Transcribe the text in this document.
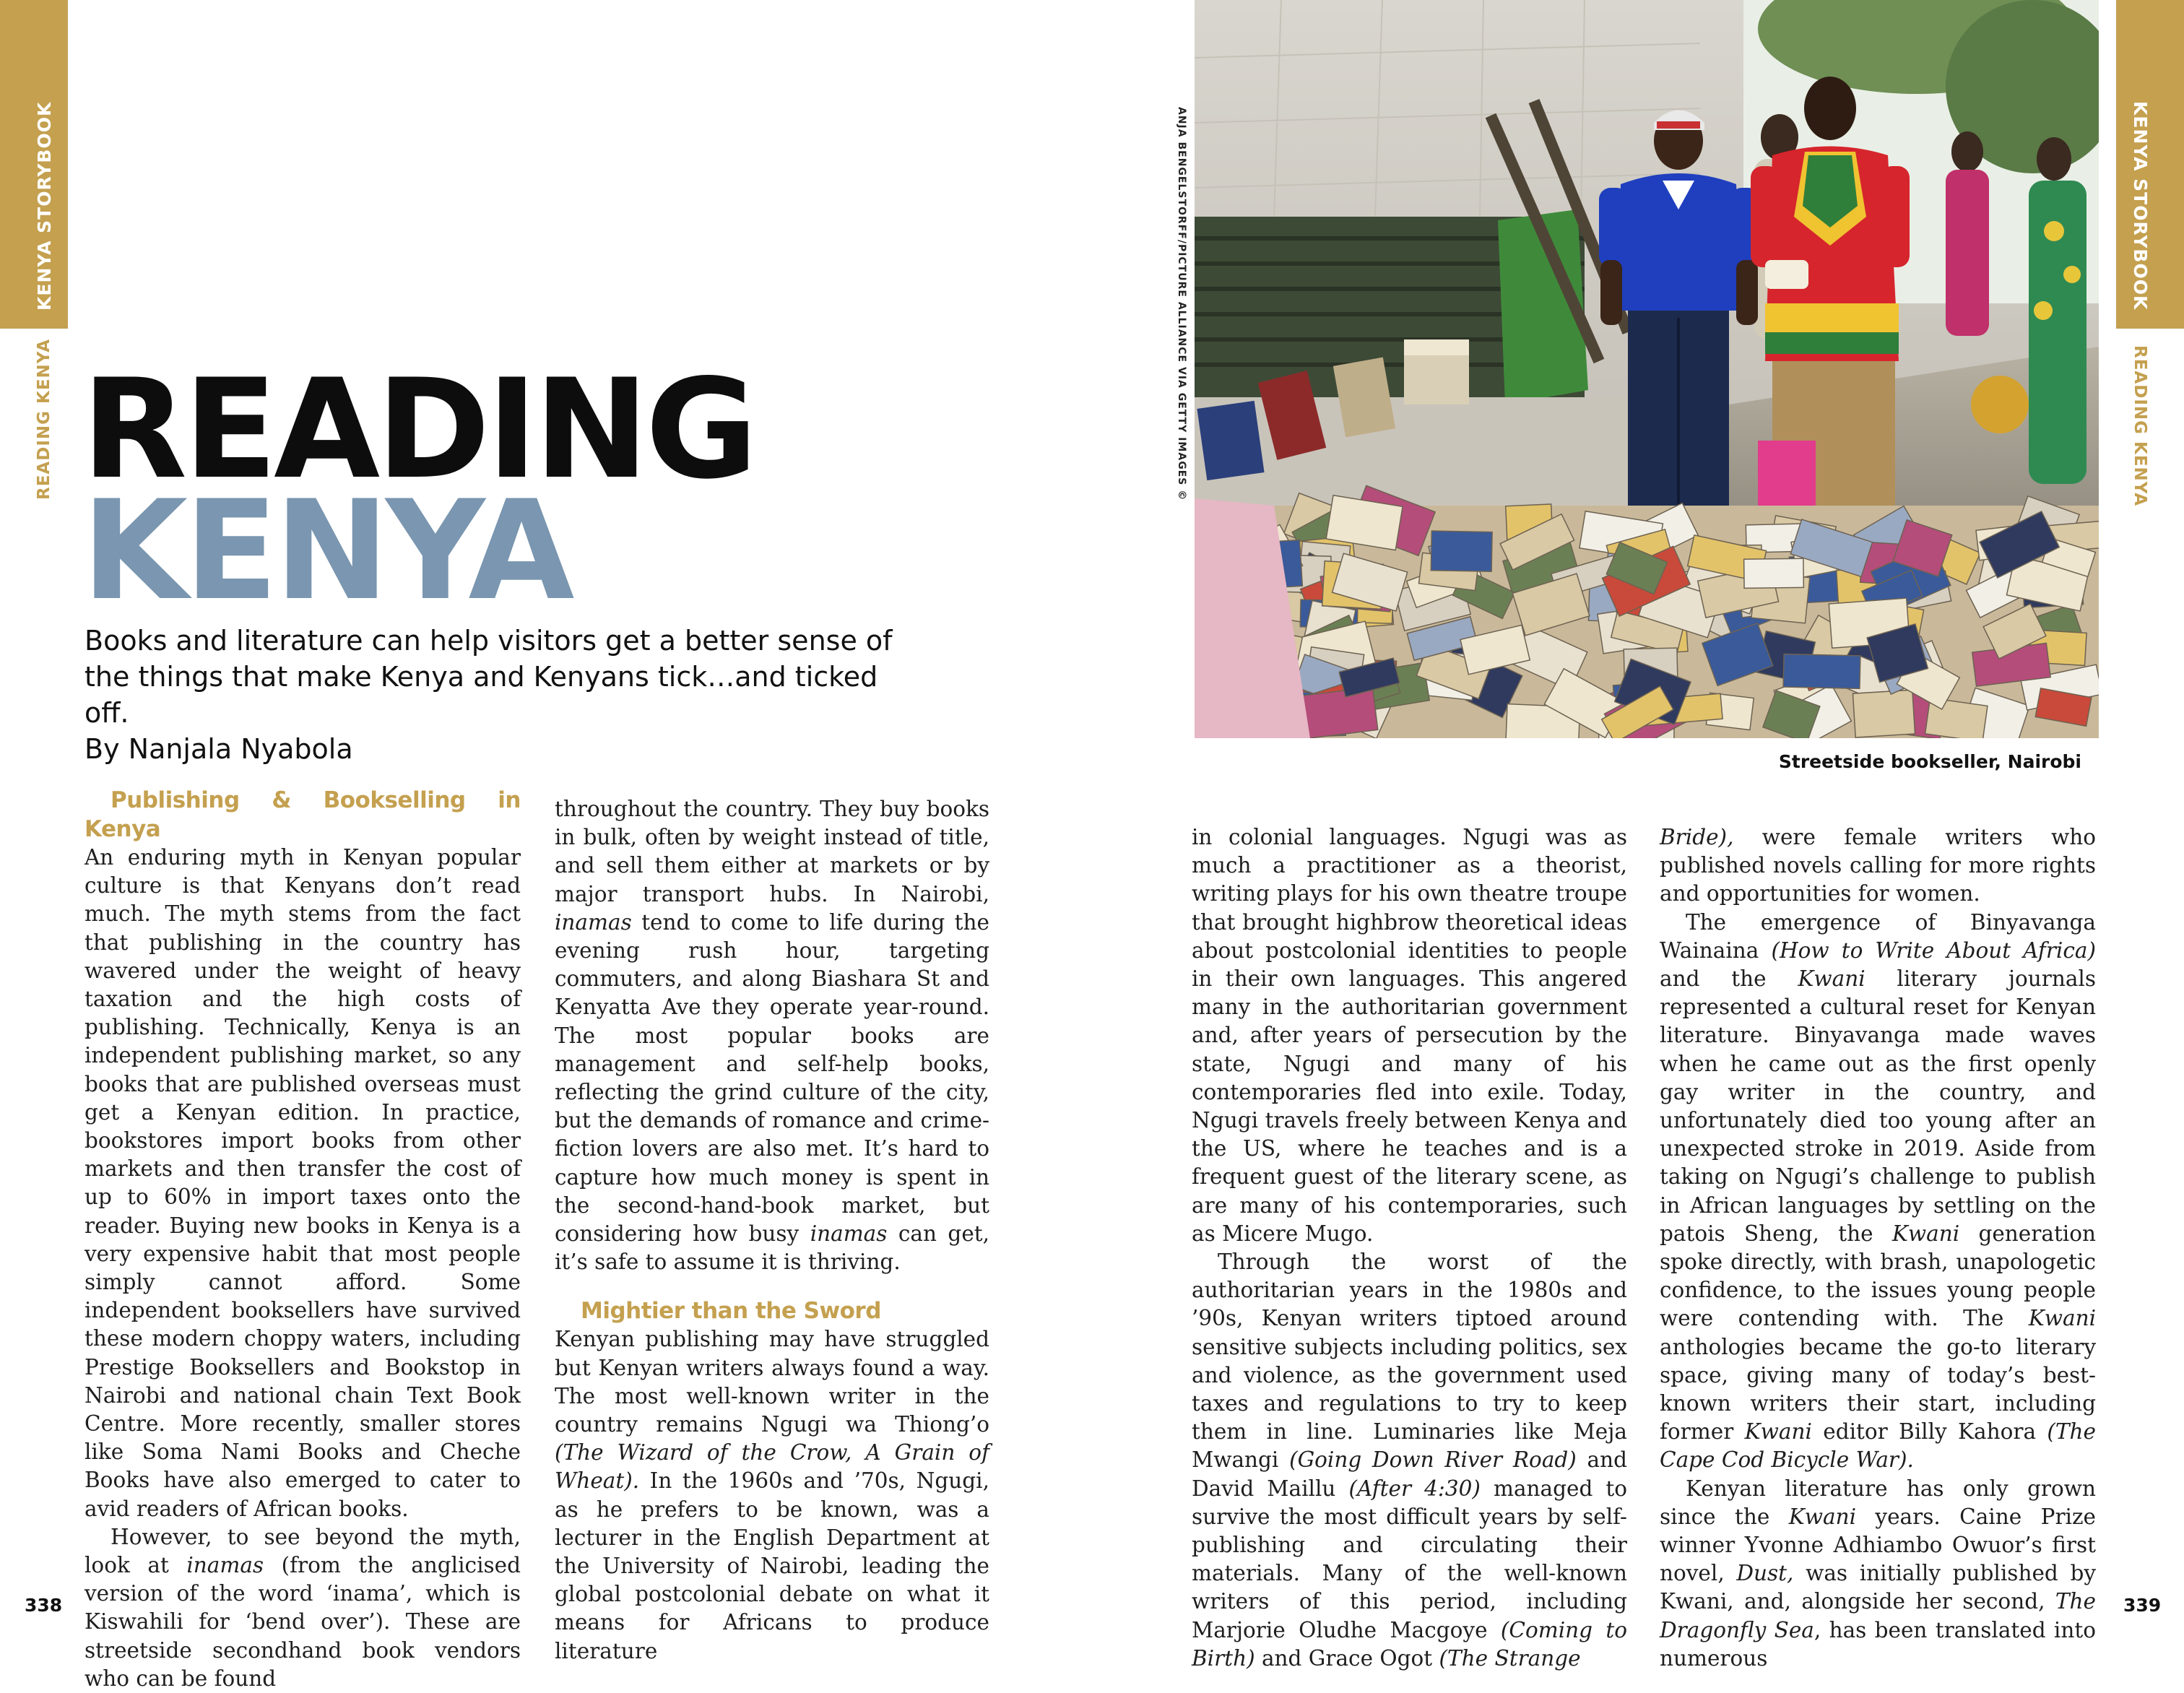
KENYA STORYBOOK
READING KENYA
KENYA STORYBOOK
READING KENYA
READING
KENYA
Books and literature can help visitors get a better sense of the things that make Kenya and Kenyans tick…and ticked off.
By Nanjala Nyabola
ANJA BENGELSTORFF/PICTURE ALLIANCE VIA GETTY IMAGES ©
Streetside bookseller, Nairobi

Publishing & Bookselling in Kenya

An enduring myth in Kenyan popular culture is that Kenyans don’t read much. The myth stems from the fact that publishing in the country has wavered under the weight of heavy taxation and the high costs of publishing. Technically, Kenya is an independent publishing market, so any books that are published overseas must get a Kenyan edition. In practice, bookstores import books from other markets and then transfer the cost of up to 60% in import taxes onto the reader. Buying new books in Kenya is a very expensive habit that most people simply cannot afford. Some independent booksellers have survived these modern choppy waters, including Prestige Booksellers and Bookstop in Nairobi and national chain Text Book Centre. More recently, smaller stores like Soma Nami Books and Cheche Books have also emerged to cater to avid readers of African books.

However, to see beyond the myth, look at inamas (from the anglicised version of the word ‘inama’, which is Kiswahili for ‘bend over’). These are streetside secondhand book vendors who can be found

throughout the country. They buy books in bulk, often by weight instead of title, and sell them either at markets or by major transport hubs. In Nairobi, inamas tend to come to life during the evening rush hour, targeting commuters, and along Biashara St and Kenyatta Ave they operate year-round. The most popular books are management and self-help books, reflecting the grind culture of the city, but the demands of romance and crime-fiction lovers are also met. It’s hard to capture how much money is spent in the second-hand-book market, but considering how busy inamas can get, it’s safe to assume it is thriving.

Mightier than the Sword

Kenyan publishing may have struggled but Kenyan writers always found a way. The most well-known writer in the country remains Ngugi wa Thiong’o (The Wizard of the Crow, A Grain of Wheat). In the 1960s and ’70s, Ngugi, as he prefers to be known, was a lecturer in the English Department at the University of Nairobi, leading the global postcolonial debate on what it means for Africans to produce literature

in colonial languages. Ngugi was as much a practitioner as a theorist, writing plays for his own theatre troupe that brought highbrow theoretical ideas about postcolonial identities to people in their own languages. This angered many in the authoritarian government and, after years of persecution by the state, Ngugi and many of his contemporaries fled into exile. Today, Ngugi travels freely between Kenya and the US, where he teaches and is a frequent guest of the literary scene, as are many of his contemporaries, such as Micere Mugo.

Through the worst of the authoritarian years in the 1980s and ’90s, Kenyan writers tiptoed around sensitive subjects including politics, sex and violence, as the government used taxes and regulations to try to keep them in line. Luminaries like Meja Mwangi (Going Down River Road) and David Maillu (After 4:30) managed to survive the most difficult years by self-publishing and circulating their materials. Many of the well-known writers of this period, including Marjorie Oludhe Macgoye (Coming to Birth) and Grace Ogot (The Strange

Bride), were female writers who published novels calling for more rights and opportunities for women.

The emergence of Binyavanga Wainaina (How to Write About Africa) and the Kwani literary journals represented a cultural reset for Kenyan literature. Binyavanga made waves when he came out as the first openly gay writer in the country, and unfortunately died too young after an unexpected stroke in 2019. Aside from taking on Ngugi’s challenge to publish in African languages by settling on the patois Sheng, the Kwani generation spoke directly, with brash, unapologetic confidence, to the issues young people were contending with. The Kwani anthologies became the go-to literary space, giving many of today’s best-known writers their start, including former Kwani editor Billy Kahora (The Cape Cod Bicycle War).

Kenyan literature has only grown since the Kwani years. Caine Prize winner Yvonne Adhiambo Owuor’s first novel, Dust, was initially published by Kwani, and, alongside her second, The Dragonfly Sea, has been translated into numerous

338	339
